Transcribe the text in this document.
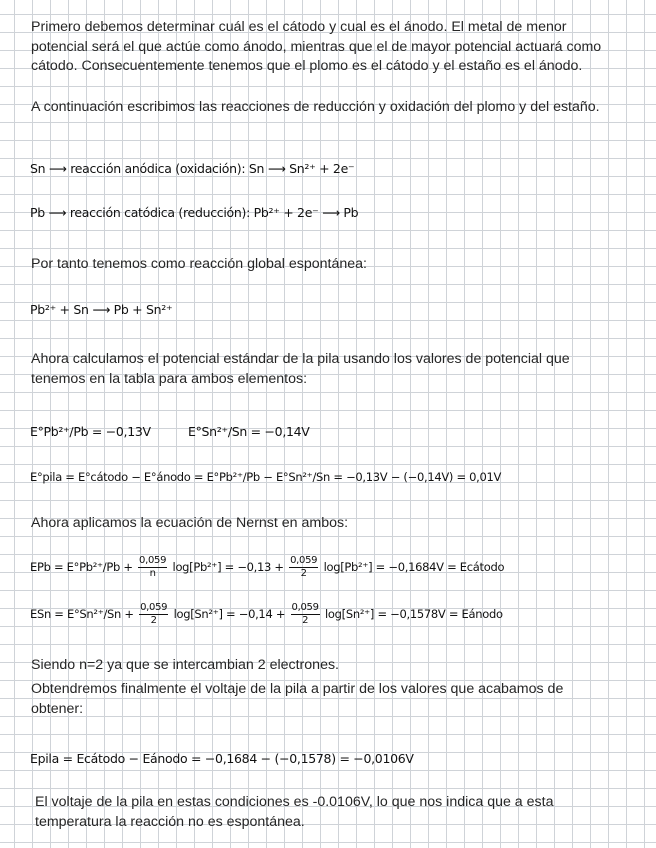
Primero debemos determinar cuál es el cátodo y cual es el ánodo. El metal de menor potencial será el que actúe como ánodo, mientras que el de mayor potencial actuará como cátodo. Consecuentemente tenemos que el plomo es el cátodo y el estaño es el ánodo.

A continuación escribimos las reacciones de reducción y oxidación del plomo y del estaño.

Sn ⟶ reacción anódica (oxidación): Sn ⟶ Sn²⁺ + 2e⁻
Pb ⟶ reacción catódica (reducción): Pb²⁺ + 2e⁻ ⟶ Pb

Por tanto tenemos como reacción global espontánea:

Pb²⁺ + Sn ⟶ Pb + Sn²⁺

Ahora calculamos el potencial estándar de la pila usando los valores de potencial que tenemos en la tabla para ambos elementos:

E°Pb²⁺/Pb = −0,13V	E°Sn²⁺/Sn = −0,14V
E°pila = E°cátodo − E°ánodo = E°Pb²⁺/Pb − E°Sn²⁺/Sn = −0,13V − (−0,14V) = 0,01V

Ahora aplicamos la ecuación de Nernst en ambos:

EPb = $E^\circ Pb^{2+}/Pb + \frac{0,059}{n} \log[Pb^{2+}] = -0,13 + \frac{0,059}{2} \log[Pb^{2+}] = -0,1684V$ = Ecátodo
ESn = $E^\circ Sn^{2+}/Sn + \frac{0,059}{2} \log[Sn^{2+}] = -0,14 + \frac{0,059}{2} \log[Sn^{2+}] = -0,1578V$ = Eánodo

Siendo n=2 ya que se intercambian 2 electrones.

Obtendremos finalmente el voltaje de la pila a partir de los valores que acabamos de obtener:

Epila = Ecátodo − Eánodo = −0,1684 − (−0,1578) = −0,0106V

El voltaje de la pila en estas condiciones es -0.0106V, lo que nos indica que a esta temperatura la reacción no es espontánea.
